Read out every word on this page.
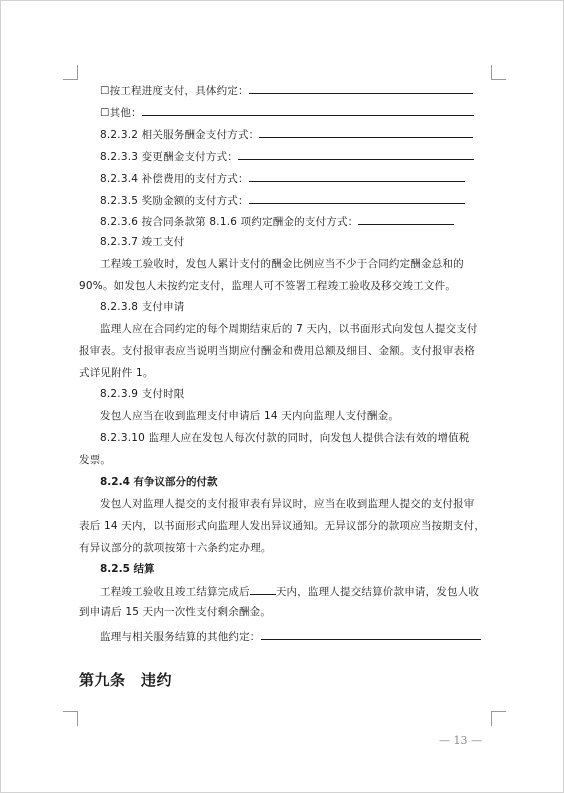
☐按工程进度支付，具体约定：
☐其他：
8.2.3.2 相关服务酬金支付方式：
8.2.3.3 变更酬金支付方式：
8.2.3.4 补偿费用的支付方式：
8.2.3.5 奖励金额的支付方式：
8.2.3.6 按合同条款第 8.1.6 项约定酬金的支付方式：
8.2.3.7 竣工支付
工程竣工验收时，发包人累计支付的酬金比例应当不少于合同约定酬金总和的
90%。如发包人未按约定支付，监理人可不签署工程竣工验收及移交竣工文件。
8.2.3.8 支付申请
监理人应在合同约定的每个周期结束后的 7 天内，以书面形式向发包人提交支付
报审表。支付报审表应当说明当期应付酬金和费用总额及细目、金额。支付报审表格
式详见附件 1。
8.2.3.9 支付时限
发包人应当在收到监理支付申请后 14 天内向监理人支付酬金。
8.2.3.10 监理人应在发包人每次付款的同时，向发包人提供合法有效的增值税
发票。
8.2.4 有争议部分的付款
发包人对监理人提交的支付报审表有异议时，应当在收到监理人提交的支付报审
表后 14 天内，以书面形式向监理人发出异议通知。无异议部分的款项应当按期支付，
有异议部分的款项按第十六条约定办理。
8.2.5 结算
工程竣工验收且竣工结算完成后 天内，监理人提交结算价款申请，发包人收
到申请后 15 天内一次性支付剩余酬金。
监理与相关服务结算的其他约定：
第九条　违约
— 13 —
